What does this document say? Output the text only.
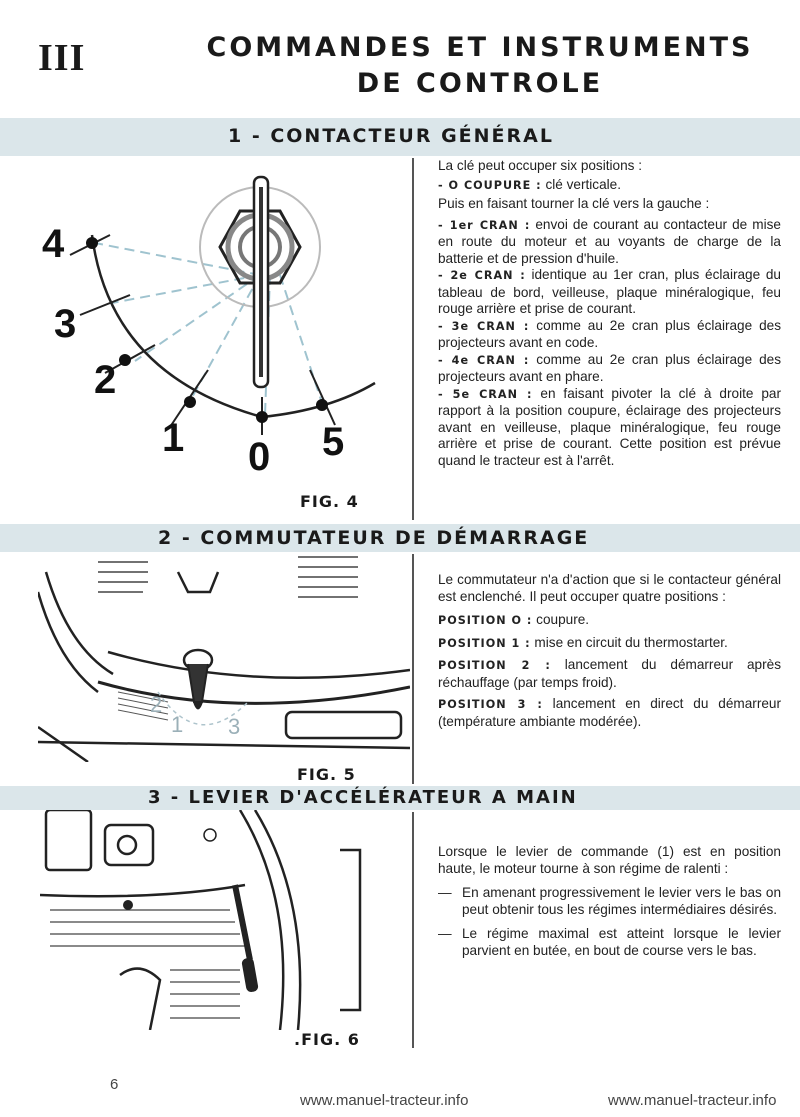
III	COMMANDES ET INSTRUMENTS
DE CONTROLE
1 - CONTACTEUR GÉNÉRAL
4
3
2
1 0 5
FIG. 4

La clé peut occuper six positions :

- O COUPURE : clé verticale.

Puis en faisant tourner la clé vers la gauche :

- 1er CRAN : envoi de courant au contacteur de mise en route du moteur et au voyants de charge de la batterie et de pression d'huile.

- 2e CRAN : identique au 1er cran, plus éclairage du tableau de bord, veilleuse, plaque minéralogique, feu rouge arrière et prise de courant.

- 3e CRAN : comme au 2e cran plus éclairage des projecteurs avant en code.

- 4e CRAN : comme au 2e cran plus éclairage des projecteurs avant en phare.

- 5e CRAN : en faisant pivoter la clé à droite par rapport à la position coupure, éclairage des projecteurs avant en veilleuse, plaque minéralogique, feu rouge arrière et prise de courant. Cette position est prévue quand le tracteur est à l'arrêt.

2 - COMMUTATEUR DE DÉMARRAGE
2
1 3
FIG. 5

Le commutateur n'a d'action que si le contacteur général est enclenché. Il peut occuper quatre positions :

POSITION O : coupure.

POSITION 1 : mise en circuit du thermostarter.

POSITION 2 : lancement du démarreur après réchauffage (par temps froid).

POSITION 3 : lancement en direct du démarreur (température ambiante modérée).

3 - LEVIER D'ACCÉLÉRATEUR A MAIN
.FIG. 6

Lorsque le levier de commande (1) est en position haute, le moteur tourne à son régime de ralenti :

— En amenant progressivement le levier vers le bas on peut obtenir tous les régimes intermédiaires désirés.
— Le régime maximal est atteint lorsque le levier parvient en butée, en bout de course vers le bas.
6
www.manuel-tracteur.info	www.manuel-tracteur.info
